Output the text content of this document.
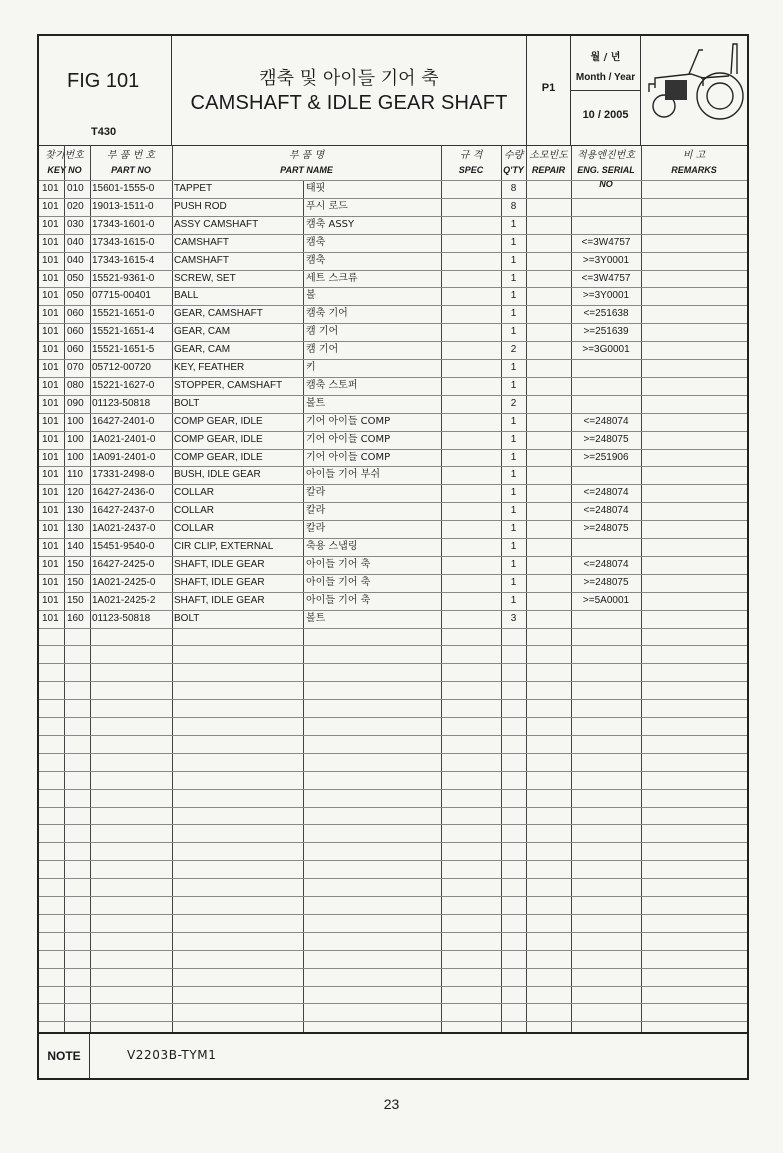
FIG 101
T430
캠축 및 아이들 기어 축
CAMSHAFT & IDLE GEAR SHAFT
P1
월 / 년
Month / Year
10 / 2005
찾기번호
KEY NO
부 품 번 호
PART NO
부 품 명
PART NAME
규 격
SPEC
수량
Q'TY
소모빈도
REPAIR
적용엔진번호
ENG. SERIAL NO
비 고
REMARKS
101 010 15601-1555-0	TAPPET	태핏	8
101 020 19013-1511-0	PUSH ROD	푸시 로드	8
101 030 17343-1601-0	ASSY CAMSHAFT	캠축 ASSY	1
101 040 17343-1615-0	CAMSHAFT	캠축	1	<=3W4757
101 040 17343-1615-4	CAMSHAFT	캠축	1	>=3Y0001
101 050 15521-9361-0	SCREW, SET	세트 스크류	1	<=3W4757
101 050 07715-00401	BALL	볼	1	>=3Y0001
101 060 15521-1651-0	GEAR, CAMSHAFT	캠축 기어	1	<=251638
101 060 15521-1651-4	GEAR, CAM	캠 기어	1	>=251639
101 060 15521-1651-5	GEAR, CAM	캠 기어	2	>=3G0001
101 070 05712-00720	KEY, FEATHER	키	1
101 080 15221-1627-0	STOPPER, CAMSHAFT	캠축 스토퍼	1
101 090 01123-50818	BOLT	볼트	2
101 100 16427-2401-0	COMP GEAR, IDLE	기어 아이들 COMP	1	<=248074
101 100 1A021-2401-0	COMP GEAR, IDLE	기어 아이들 COMP	1	>=248075
101 100 1A091-2401-0	COMP GEAR, IDLE	기어 아이들 COMP	1	>=251906
101 110 17331-2498-0	BUSH, IDLE GEAR	아이들 기어 부쉬	1
101 120 16427-2436-0	COLLAR	칼라	1	<=248074
101 130 16427-2437-0	COLLAR	칼라	1	<=248074
101 130 1A021-2437-0	COLLAR	칼라	1	>=248075
101 140 15451-9540-0	CIR CLIP, EXTERNAL	축용 스냅링	1
101 150 16427-2425-0	SHAFT, IDLE GEAR	아이들 기어 축	1	<=248074
101 150 1A021-2425-0	SHAFT, IDLE GEAR	아이들 기어 축	1	>=248075
101 150 1A021-2425-2	SHAFT, IDLE GEAR	아이들 기어 축	1	>=5A0001
101 160 01123-50818	BOLT	볼트	3
NOTE	V2203B-TYM1
23
